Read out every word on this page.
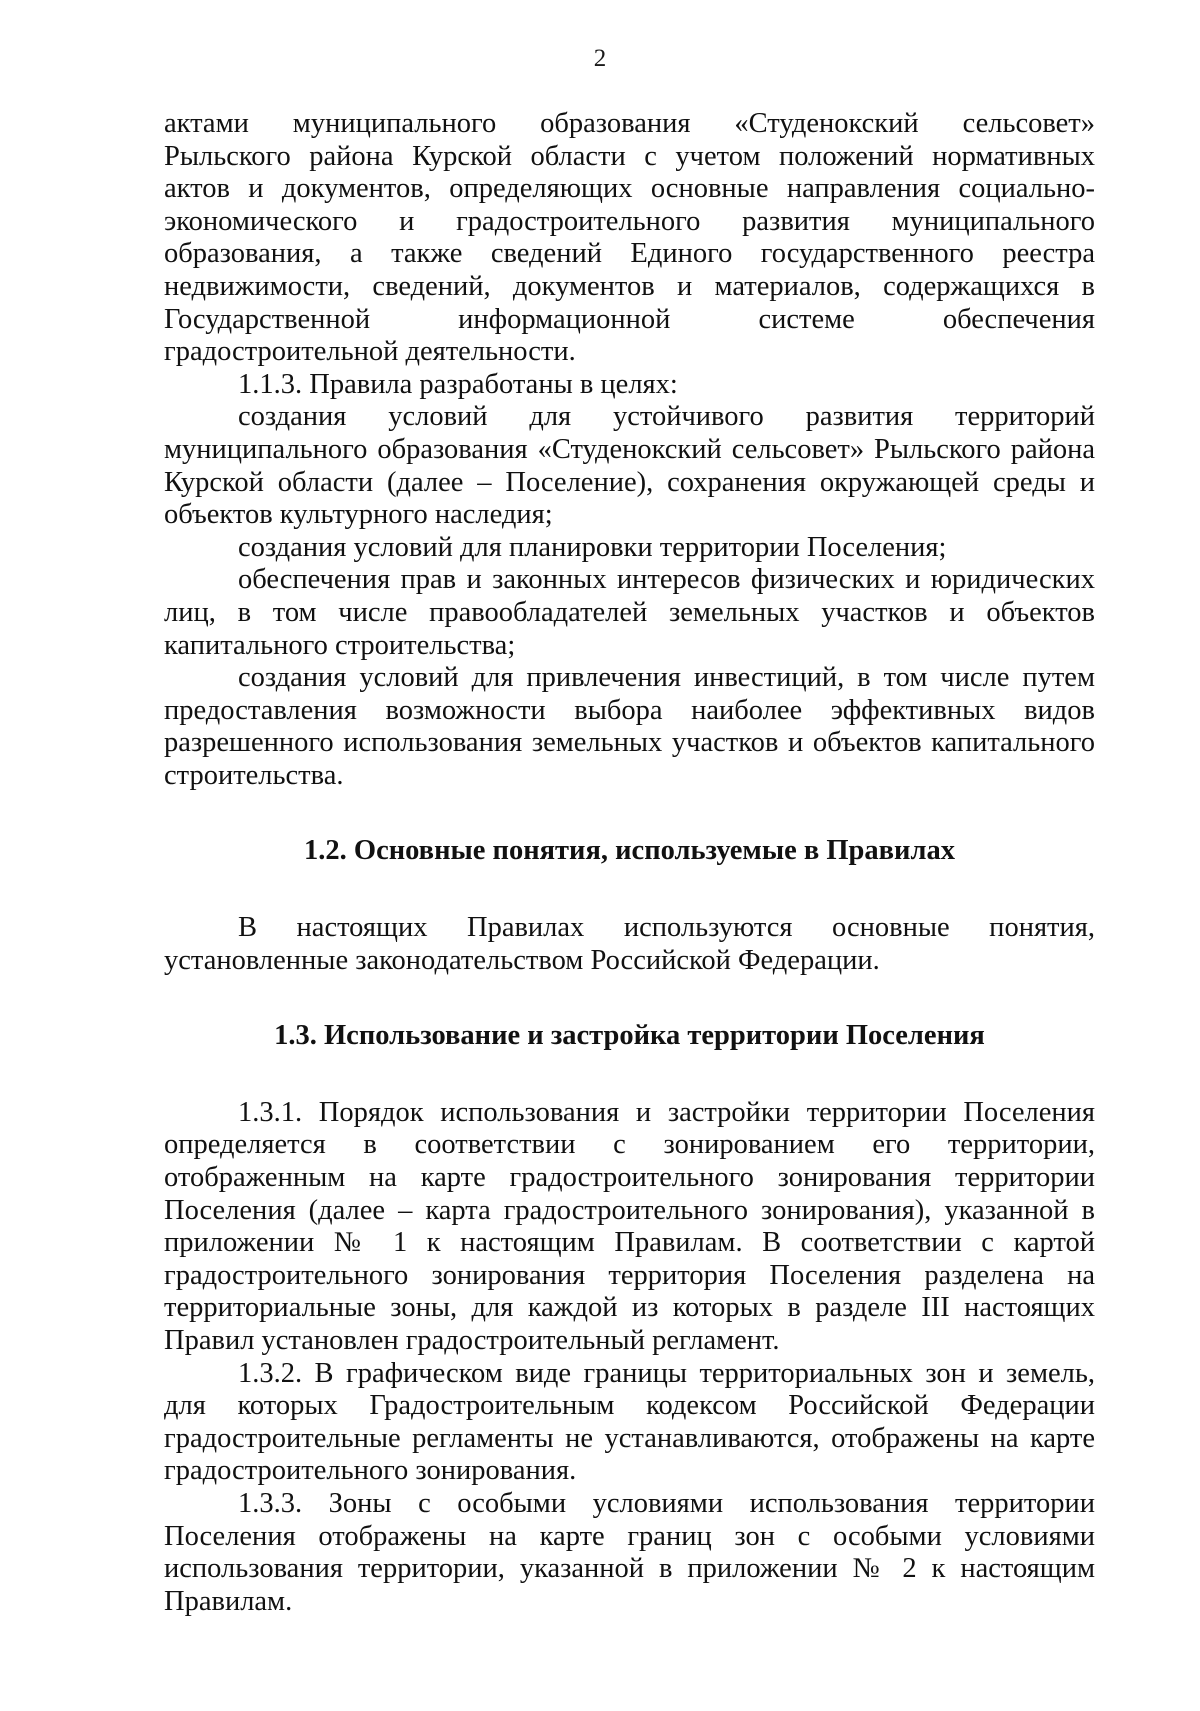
2
актами муниципального образования «Студенокский сельсовет»
Рыльского района Курской области с учетом положений нормативных
актов и документов, определяющих основные направления социально-
экономического и градостроительного развития муниципального
образования, а также сведений Единого государственного реестра
недвижимости, сведений, документов и материалов, содержащихся в
Государственной информационной системе обеспечения
градостроительной деятельности.
1.1.3. Правила разработаны в целях:
создания условий для устойчивого развития территорий
муниципального образования «Студенокский сельсовет» Рыльского района
Курской области (далее – Поселение), сохранения окружающей среды и
объектов культурного наследия;
создания условий для планировки территории Поселения;
обеспечения прав и законных интересов физических и юридических
лиц, в том числе правообладателей земельных участков и объектов
капитального строительства;
создания условий для привлечения инвестиций, в том числе путем
предоставления возможности выбора наиболее эффективных видов
разрешенного использования земельных участков и объектов капитального
строительства.
1.2. Основные понятия, используемые в Правилах
В настоящих Правилах используются основные понятия,
установленные законодательством Российской Федерации.
1.3. Использование и застройка территории Поселения
1.3.1. Порядок использования и застройки территории Поселения
определяется в соответствии с зонированием его территории,
отображенным на карте градостроительного зонирования территории
Поселения (далее – карта градостроительного зонирования), указанной в
приложении № 1 к настоящим Правилам. В соответствии с картой
градостроительного зонирования территория Поселения разделена на
территориальные зоны, для каждой из которых в разделе III настоящих
Правил установлен градостроительный регламент.
1.3.2. В графическом виде границы территориальных зон и земель,
для которых Градостроительным кодексом Российской Федерации
градостроительные регламенты не устанавливаются, отображены на карте
градостроительного зонирования.
1.3.3. Зоны с особыми условиями использования территории
Поселения отображены на карте границ зон с особыми условиями
использования территории, указанной в приложении № 2 к настоящим
Правилам.
